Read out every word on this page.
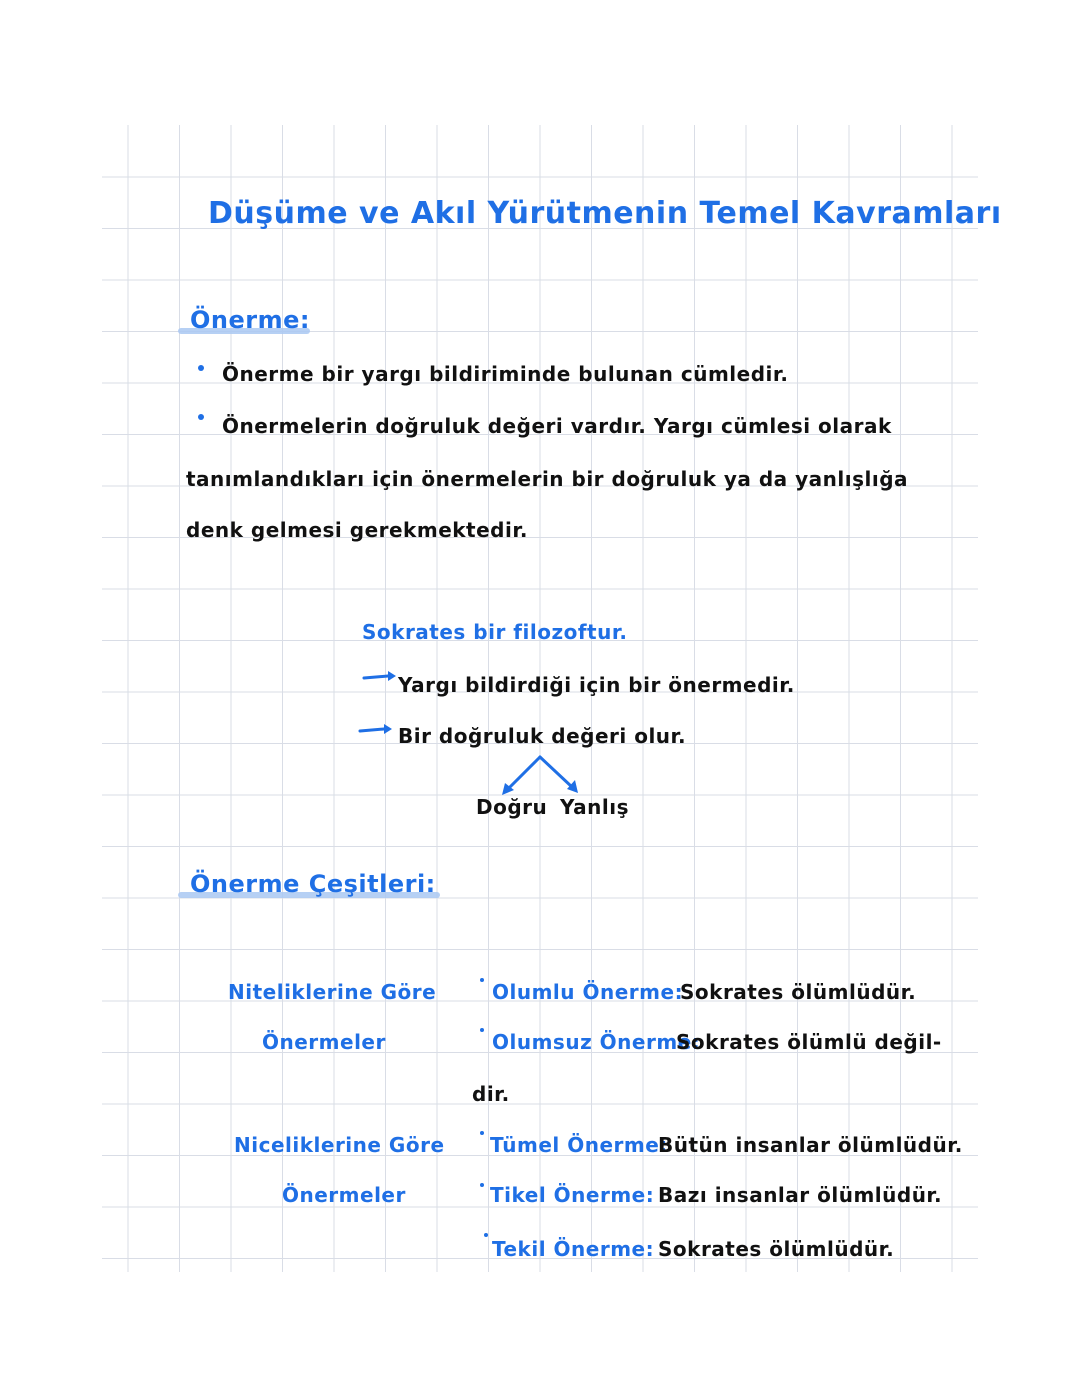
Düşüme ve Akıl Yürütmenin Temel Kavramları
Önerme:
Önerme bir yargı bildiriminde bulunan cümledir.
Önermelerin doğruluk değeri vardır. Yargı cümlesi olarak
tanımlandıkları için önermelerin bir doğruluk ya da yanlışlığa
denk gelmesi gerekmektedir.
Sokrates bir filozoftur.
Yargı bildirdiği için bir önermedir.
Bir doğruluk değeri olur.
Doğru Yanlış
Önerme Çeşitleri:
Niteliklerine Göre
Önermeler
Olumlu Önerme:
Sokrates ölümlüdür.
Olumsuz Önerme:
Sokrates ölümlü değil-
dir.
Niceliklerine Göre
Önermeler
Tümel Önerme:
Bütün insanlar ölümlüdür.
Tikel Önerme: Bazı insanlar ölümlüdür.
Tekil Önerme: Sokrates ölümlüdür.
